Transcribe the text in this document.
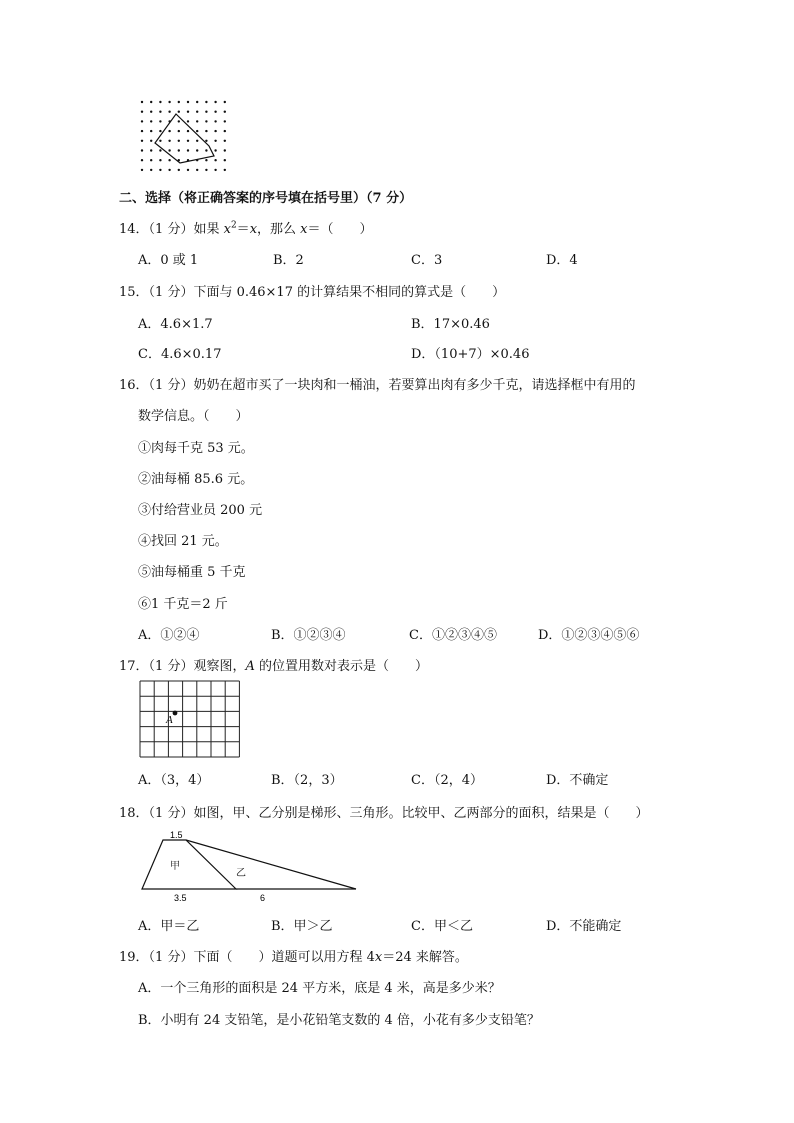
二、选择（将正确答案的序号填在括号里）（7 分）
14．（1 分）如果 $x^2=x$，那么 x＝（　　）
A．0 或 1	B．2	C．3	D．4
15．（1 分）下面与 0.46×17 的计算结果不相同的算式是（　　）
A．4.6×1.7	B．17×0.46
C．4.6×0.17	D．（10+7）×0.46
16．（1 分）奶奶在超市买了一块肉和一桶油，若要算出肉有多少千克，请选择框中有用的
数学信息。（　　）
①肉每千克 53 元。
②油每桶 85.6 元。
③付给营业员 200 元
④找回 21 元。
⑤油每桶重 5 千克
⑥1 千克＝2 斤
A．①②④	B．①②③④	C．①②③④⑤	D．①②③④⑤⑥
17．（1 分）观察图，A 的位置用数对表示是（　　）
A
A．（3，4）	B．（2，3）	C．（2，4）	D．不确定
18．（1 分）如图，甲、乙分别是梯形、三角形。比较甲、乙两部分的面积，结果是（　　）
1.5
甲
乙
3.5	6
A．甲＝乙	B．甲＞乙	C．甲＜乙	D．不能确定
19．（1 分）下面（　　）道题可以用方程 4x＝24 来解答。
A．一个三角形的面积是 24 平方米，底是 4 米，高是多少米？
B．小明有 24 支铅笔，是小花铅笔支数的 4 倍，小花有多少支铅笔？
